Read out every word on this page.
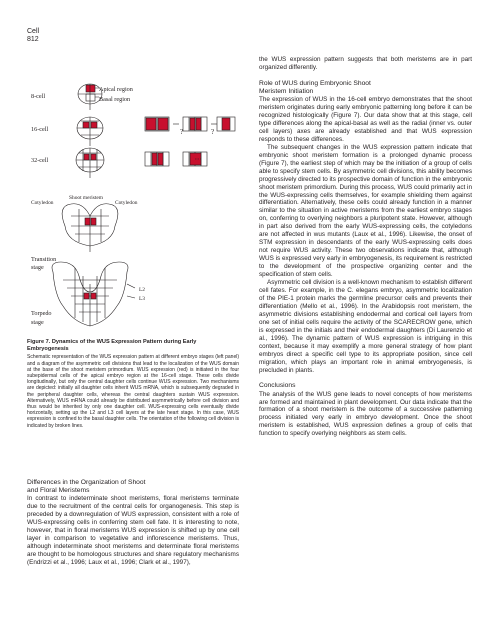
Cell
812
8-cell
16-cell
32-cell
Transition
stage
Torpedo
stage
Apical region
Basal region
Shoot meristem
Cotyledon	Cotyledon
L2
L3
?	?

Figure 7. Dynamics of the WUS Expression Pattern during Early Embryogenesis

Schematic representation of the WUS expression pattern at different embryo stages (left panel) and a diagram of the asymmetric cell divisions that lead to the localization of the WUS domain at the base of the shoot meristem primordium. WUS expression (red) is initiated in the four subepidermal cells of the apical embryo region at the 16-cell stage. These cells divide longitudinally, but only the central daughter cells continue WUS expression. Two mechanisms are depicted: initially all daughter cells inherit WUS mRNA, which is subsequently degraded in the peripheral daughter cells, whereas the central daughters sustain WUS expression. Alternatively, WUS mRNA could already be distributed asymmetrically before cell division and thus would be inherited by only one daughter cell. WUS-expressing cells eventually divide horizontally, setting up the L2 and L3 cell layers at the late heart stage. In this case, WUS expression is confined to the basal daughter cells. The orientation of the following cell division is indicated by broken lines.

Differences in the Organization of Shoot
and Floral Meristems

In contrast to indeterminate shoot meristems, floral meristems terminate due to the recruitment of the central cells for organogenesis. This step is preceded by a downregulation of WUS expression, consistent with a role of WUS-expressing cells in conferring stem cell fate. It is interesting to note, however, that in floral meristems WUS expression is shifted up by one cell layer in comparison to vegetative and inflorescence meristems. Thus, although indeterminate shoot meristems and determinate floral meristems are thought to be homologous structures and share regulatory mechanisms (Endrizzi et al., 1996; Laux et al., 1996; Clark et al., 1997),

the WUS expression pattern suggests that both meristems are in part organized differently.

Role of WUS during Embryonic Shoot
Meristem Initiation

The expression of WUS in the 16-cell embryo demonstrates that the shoot meristem originates during early embryonic patterning long before it can be recognized histologically (Figure 7). Our data show that at this stage, cell type differences along the apical-basal as well as the radial (inner vs. outer cell layers) axes are already established and that WUS expression responds to these differences.

The subsequent changes in the WUS expression pattern indicate that embryonic shoot meristem formation is a prolonged dynamic process (Figure 7), the earliest step of which may be the initiation of a group of cells able to specify stem cells. By asymmetric cell divisions, this ability becomes progressively directed to its prospective domain of function in the embryonic shoot meristem primordium. During this process, WUS could primarily act in the WUS-expressing cells themselves, for example shielding them against differentiation. Alternatively, these cells could already function in a manner similar to the situation in active meristems from the earliest embryo stages on, conferring to overlying neighbors a pluripotent state. However, although in part also derived from the early WUS-expressing cells, the cotyledons are not affected in wus mutants (Laux et al., 1996). Likewise, the onset of STM expression in descendants of the early WUS-expressing cells does not require WUS activity. These two observations indicate that, although WUS is expressed very early in embryogenesis, its requirement is restricted to the development of the prospective organizing center and the specification of stem cells.

Asymmetric cell division is a well-known mechanism to establish different cell fates. For example, in the C. elegans embryo, asymmetric localization of the PIE-1 protein marks the germline precursor cells and prevents their differentiation (Mello et al., 1996). In the Arabidopsis root meristem, the asymmetric divisions establishing endodermal and cortical cell layers from one set of initial cells require the activity of the SCARECROW gene, which is expressed in the initials and their endodermal daughters (Di Laurenzio et al., 1996). The dynamic pattern of WUS expression is intriguing in this context, because it may exemplify a more general strategy of how plant embryos direct a specific cell type to its appropriate position, since cell migration, which plays an important role in animal embryogenesis, is precluded in plants.

Conclusions

The analysis of the WUS gene leads to novel concepts of how meristems are formed and maintained in plant development. Our data indicate that the formation of a shoot meristem is the outcome of a successive patterning process initiated very early in embryo development. Once the shoot meristem is established, WUS expression defines a group of cells that function to specify overlying neighbors as stem cells.
